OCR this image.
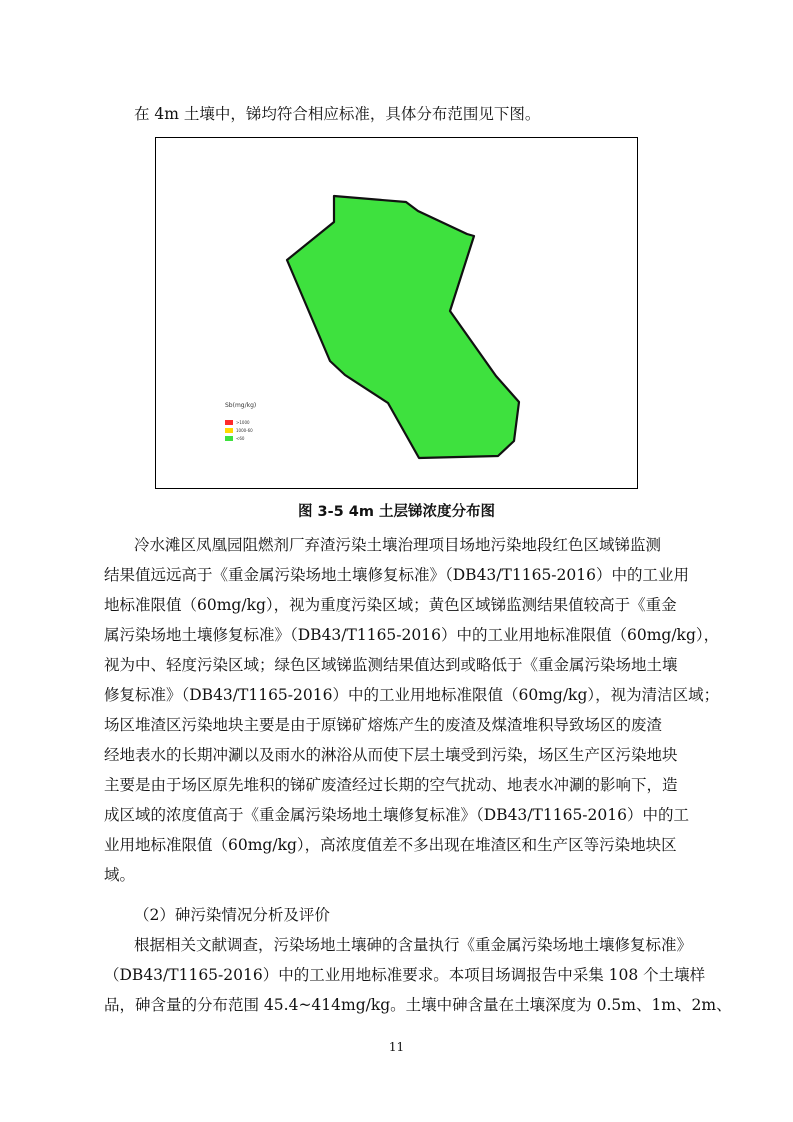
在 4m 土壤中，锑均符合相应标准，具体分布范围见下图。
Sb(mg/kg)
>1000
1000-60
<60
图 3-5 4m 土层锑浓度分布图
冷水滩区凤凰园阻燃剂厂弃渣污染土壤治理项目场地污染地段红色区域锑监测
结果值远远高于《重金属污染场地土壤修复标准》（DB43/T1165-2016）中的工业用
地标准限值（60mg/kg），视为重度污染区域；黄色区域锑监测结果值较高于《重金
属污染场地土壤修复标准》（DB43/T1165-2016）中的工业用地标准限值（60mg/kg），
视为中、轻度污染区域；绿色区域锑监测结果值达到或略低于《重金属污染场地土壤
修复标准》（DB43/T1165-2016）中的工业用地标准限值（60mg/kg），视为清洁区域；
场区堆渣区污染地块主要是由于原锑矿熔炼产生的废渣及煤渣堆积导致场区的废渣
经地表水的长期冲涮以及雨水的淋浴从而使下层土壤受到污染，场区生产区污染地块
主要是由于场区原先堆积的锑矿废渣经过长期的空气扰动、地表水冲涮的影响下，造
成区域的浓度值高于《重金属污染场地土壤修复标准》（DB43/T1165-2016）中的工
业用地标准限值（60mg/kg），高浓度值差不多出现在堆渣区和生产区等污染地块区
域。
（2）砷污染情况分析及评价
根据相关文献调查，污染场地土壤砷的含量执行《重金属污染场地土壤修复标准》
（DB43/T1165-2016）中的工业用地标准要求。本项目场调报告中采集 108 个土壤样
品，砷含量的分布范围 45.4~414mg/kg。土壤中砷含量在土壤深度为 0.5m、1m、2m、
11
